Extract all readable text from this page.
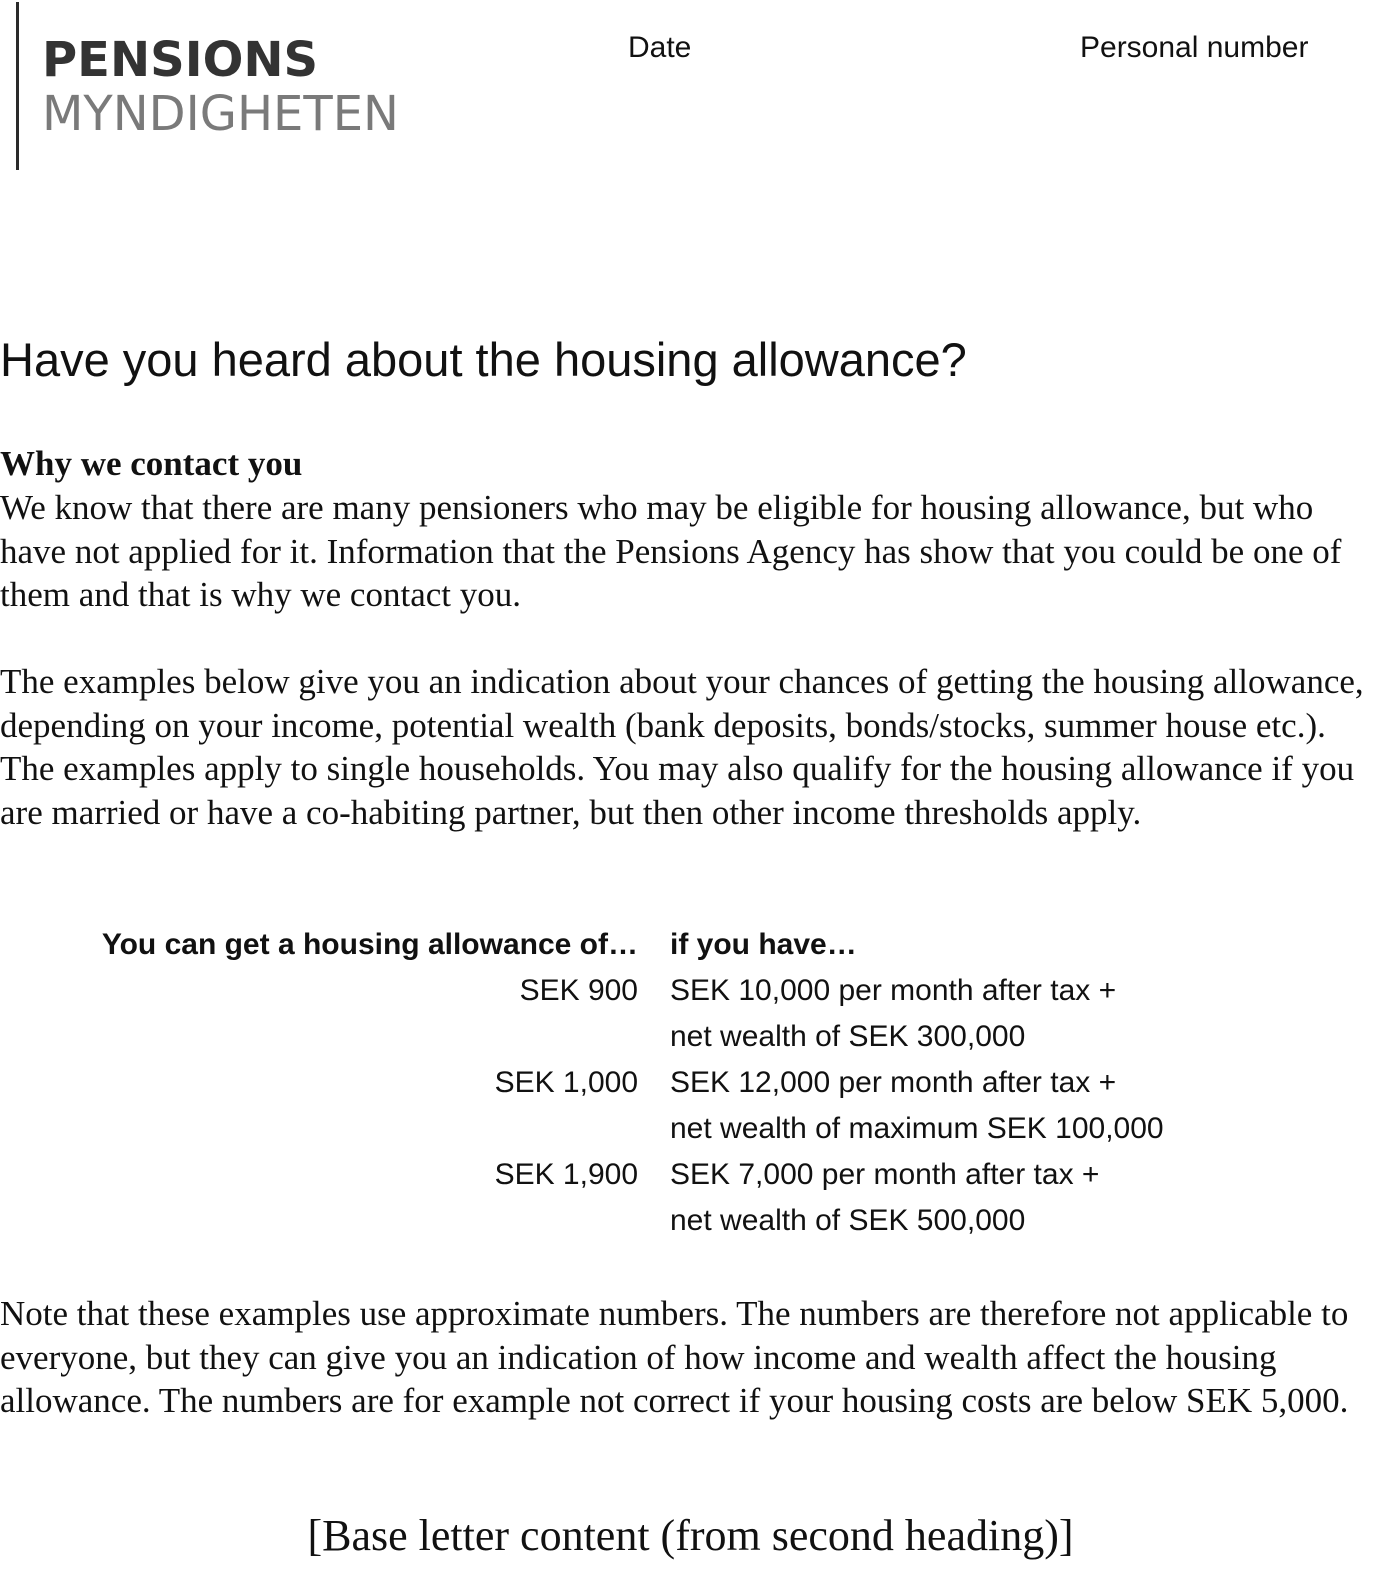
PENSIONS
MYNDIGHETEN
Date	Personal number
Have you heard about the housing allowance?
Why we contact you

We know that there are many pensioners who may be eligible for housing allowance, but who have not applied for it. Information that the Pensions Agency has show that you could be one of them and that is why we contact you.

The examples below give you an indication about your chances of getting the housing allowance, depending on your income, potential wealth (bank deposits, bonds/stocks, summer house etc.). The examples apply to single households. You may also qualify for the housing allowance if you are married or have a co-habiting partner, but then other income thresholds apply.

You can get a housing allowance of…	if you have…
SEK 900	SEK 10,000 per month after tax +
net wealth of SEK 300,000
SEK 1,000	SEK 12,000 per month after tax +
net wealth of maximum SEK 100,000
SEK 1,900	SEK 7,000 per month after tax +
net wealth of SEK 500,000

Note that these examples use approximate numbers. The numbers are therefore not applicable to everyone, but they can give you an indication of how income and wealth affect the housing allowance. The numbers are for example not correct if your housing costs are below SEK 5,000.

[Base letter content (from second heading)]
